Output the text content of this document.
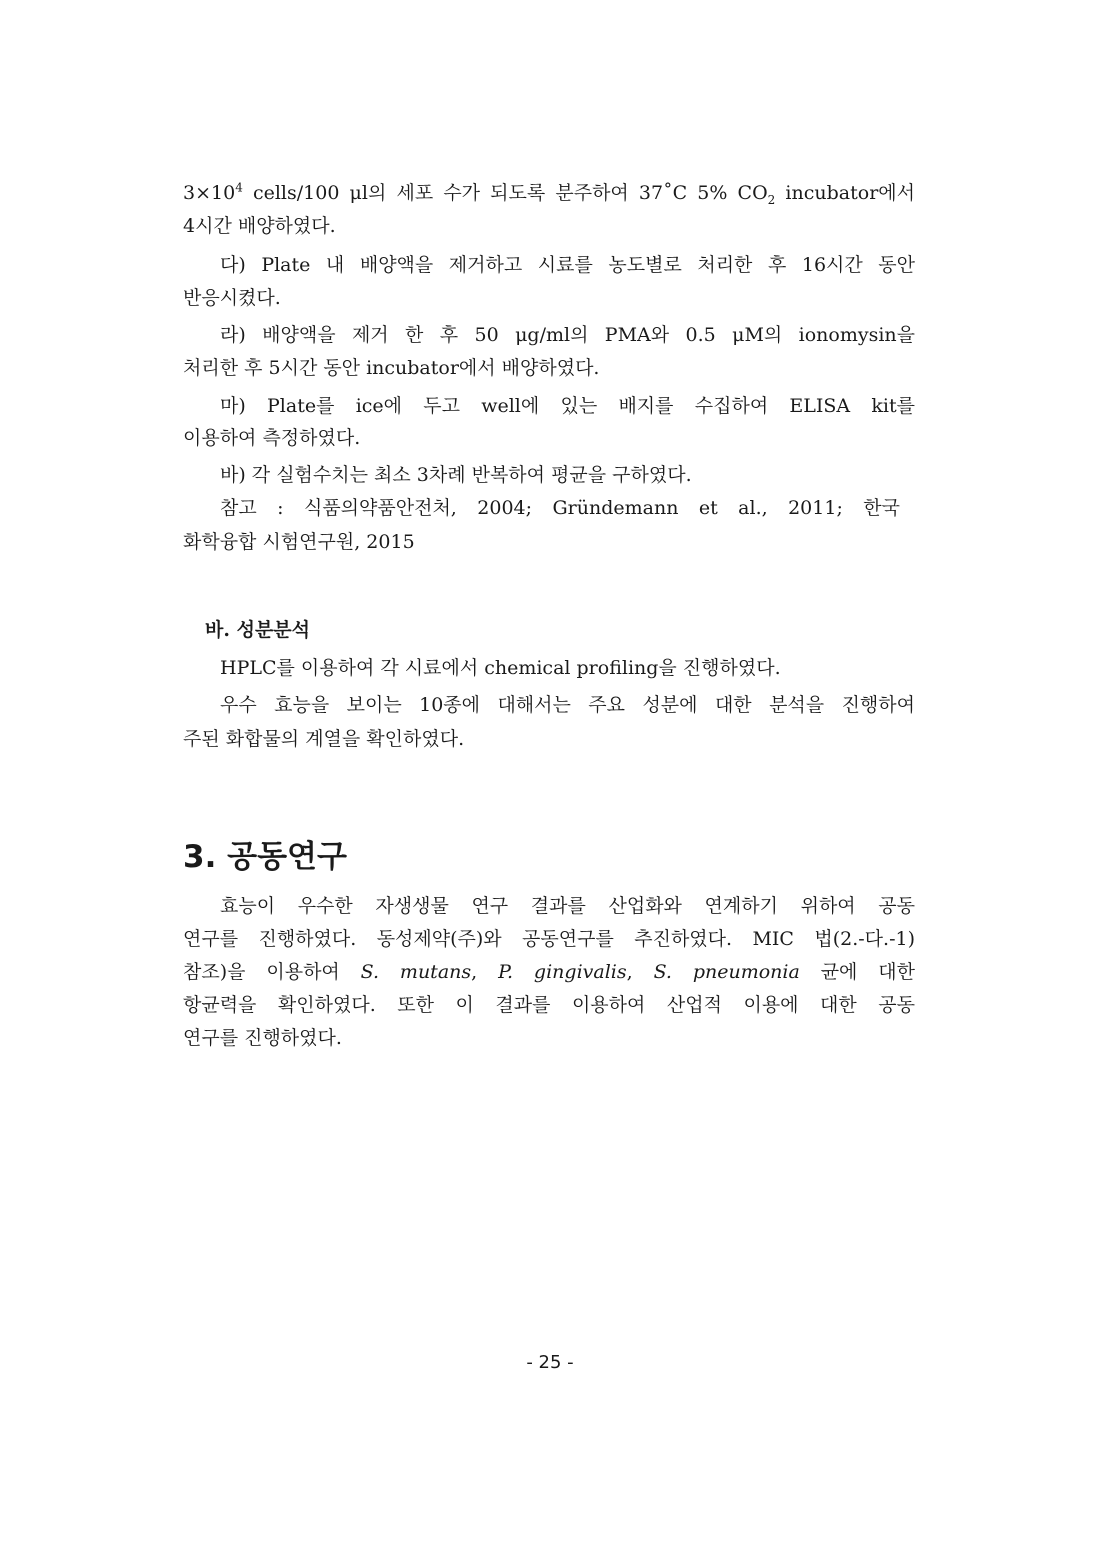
$3\times 10^4$ cells/100 μl의 세포 수가 되도록 분주하여 37˚C 5% $CO_2$ incubator에서
4시간 배양하였다.
다) Plate 내 배양액을 제거하고 시료를 농도별로 처리한 후 16시간 동안
반응시켰다.
라) 배양액을 제거 한 후 50 μg/ml의 PMA와 0.5 μM의 ionomysin을
처리한 후 5시간 동안 incubator에서 배양하였다.
마) Plate를 ice에 두고 well에 있는 배지를 수집하여 ELISA kit를
이용하여 측정하였다.
바) 각 실험수치는 최소 3차례 반복하여 평균을 구하였다.
참고 : 식품의약품안전처, 2004; Gründemann et al., 2011; 한국
화학융합 시험연구원, 2015
바. 성분분석
HPLC를 이용하여 각 시료에서 chemical profiling을 진행하였다.
우수 효능을 보이는 10종에 대해서는 주요 성분에 대한 분석을 진행하여
주된 화합물의 계열을 확인하였다.
3. 공동연구
효능이 우수한 자생생물 연구 결과를 산업화와 연계하기 위하여 공동
연구를 진행하였다. 동성제약(주)와 공동연구를 추진하였다. MIC 법(2.-다.-1)
참조)을 이용하여 S. mutans, P. gingivalis, S. pneumonia 균에 대한
항균력을 확인하였다. 또한 이 결과를 이용하여 산업적 이용에 대한 공동
연구를 진행하였다.
- 25 -
